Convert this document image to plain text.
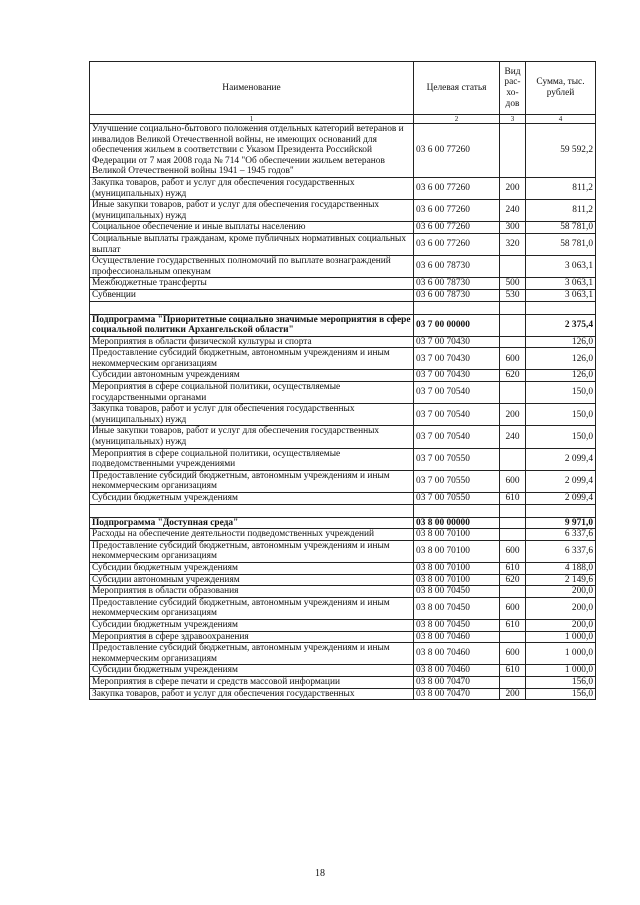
Наименование	Целевая статья	Вид рас- хо- дов	Сумма, тыс. рублей
1	2	3	4
Улучшение социально-бытового положения отдельных категорий ветеранов и инвалидов Великой Отечественной войны, не имеющих оснований для обеспечения жильем в соответствии с Указом Президента Российской Федерации от 7 мая 2008 года № 714 "Об обеспечении жильем ветеранов Великой Отечественной войны 1941 – 1945 годов"	03 6 00 77260		59 592,2
Закупка товаров, работ и услуг для обеспечения государственных (муниципальных) нужд	03 6 00 77260	200	811,2
Иные закупки товаров, работ и услуг для обеспечения государственных (муниципальных) нужд	03 6 00 77260	240	811,2
Социальное обеспечение и иные выплаты населению	03 6 00 77260	300	58 781,0
Социальные выплаты гражданам, кроме публичных нормативных социальных выплат	03 6 00 77260	320	58 781,0
Осуществление государственных полномочий по выплате вознаграждений профессиональным опекунам	03 6 00 78730		3 063,1
Межбюджетные трансферты	03 6 00 78730	500	3 063,1
Субвенции	03 6 00 78730	530	3 063,1

Подпрограмма "Приоритетные социально значимые мероприятия в сфере социальной политики Архангельской области"	03 7 00 00000		2 375,4
Мероприятия в области физической культуры и спорта	03 7 00 70430		126,0
Предоставление субсидий бюджетным, автономным учреждениям и иным некоммерческим организациям	03 7 00 70430	600	126,0
Субсидии автономным учреждениям	03 7 00 70430	620	126,0
Мероприятия в сфере социальной политики, осуществляемые государственными органами	03 7 00 70540		150,0
Закупка товаров, работ и услуг для обеспечения государственных (муниципальных) нужд	03 7 00 70540	200	150,0
Иные закупки товаров, работ и услуг для обеспечения государственных (муниципальных) нужд	03 7 00 70540	240	150,0
Мероприятия в сфере социальной политики, осуществляемые подведомственными учреждениями	03 7 00 70550		2 099,4
Предоставление субсидий бюджетным, автономным учреждениям и иным некоммерческим организациям	03 7 00 70550	600	2 099,4
Субсидии бюджетным учреждениям	03 7 00 70550	610	2 099,4

Подпрограмма "Доступная среда"	03 8 00 00000		9 971,0
Расходы на обеспечение деятельности подведомственных учреждений	03 8 00 70100		6 337,6
Предоставление субсидий бюджетным, автономным учреждениям и иным некоммерческим организациям	03 8 00 70100	600	6 337,6
Субсидии бюджетным учреждениям	03 8 00 70100	610	4 188,0
Субсидии автономным учреждениям	03 8 00 70100	620	2 149,6
Мероприятия в области образования	03 8 00 70450		200,0
Предоставление субсидий бюджетным, автономным учреждениям и иным некоммерческим организациям	03 8 00 70450	600	200,0
Субсидии бюджетным учреждениям	03 8 00 70450	610	200,0
Мероприятия в сфере здравоохранения	03 8 00 70460		1 000,0
Предоставление субсидий бюджетным, автономным учреждениям и иным некоммерческим организациям	03 8 00 70460	600	1 000,0
Субсидии бюджетным учреждениям	03 8 00 70460	610	1 000,0
Мероприятия в сфере печати и средств массовой информации	03 8 00 70470		156,0
Закупка товаров, работ и услуг для обеспечения государственных	03 8 00 70470	200	156,0
18
